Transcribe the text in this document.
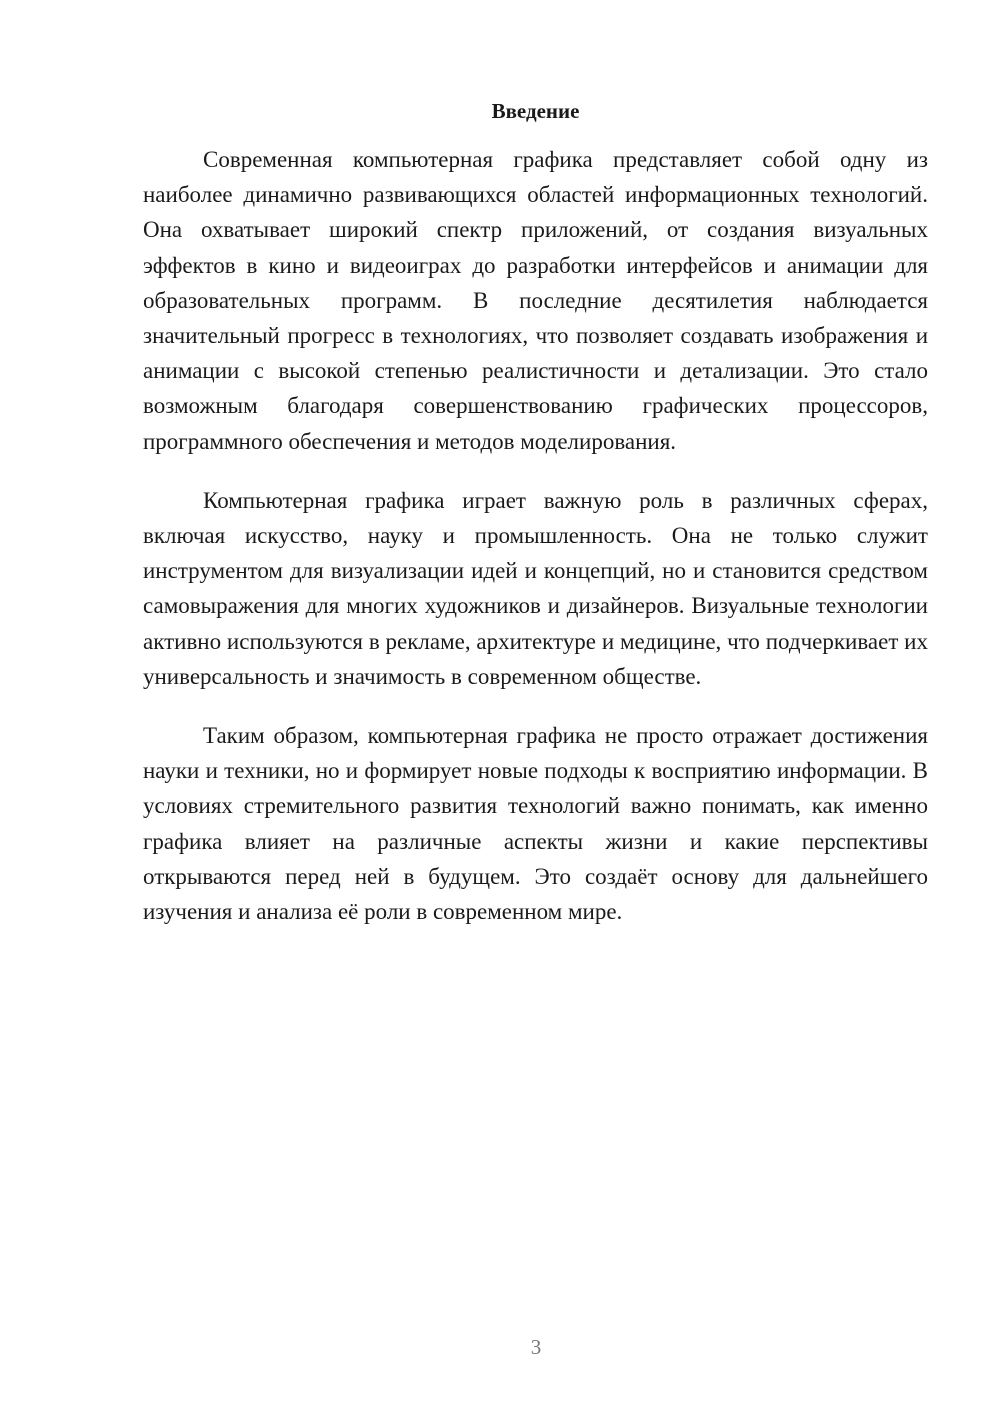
Введение

Современная компьютерная графика представляет собой одну из наиболее динамично развивающихся областей информационных технологий. Она охватывает широкий спектр приложений, от создания визуальных эффектов в кино и видеоиграх до разработки интерфейсов и анимации для образовательных программ. В последние десятилетия наблюдается значительный прогресс в технологиях, что позволяет создавать изображения и анимации с высокой степенью реалистичности и детализации. Это стало возможным благодаря совершенствованию графических процессоров, программного обеспечения и методов моделирования.

Компьютерная графика играет важную роль в различных сферах, включая искусство, науку и промышленность. Она не только служит инструментом для визуализации идей и концепций, но и становится средством самовыражения для многих художников и дизайнеров. Визуальные технологии активно используются в рекламе, архитектуре и медицине, что подчеркивает их универсальность и значимость в современном обществе.

Таким образом, компьютерная графика не просто отражает достижения науки и техники, но и формирует новые подходы к восприятию информации. В условиях стремительного развития технологий важно понимать, как именно графика влияет на различные аспекты жизни и какие перспективы открываются перед ней в будущем. Это создаёт основу для дальнейшего изучения и анализа её роли в современном мире.

3
